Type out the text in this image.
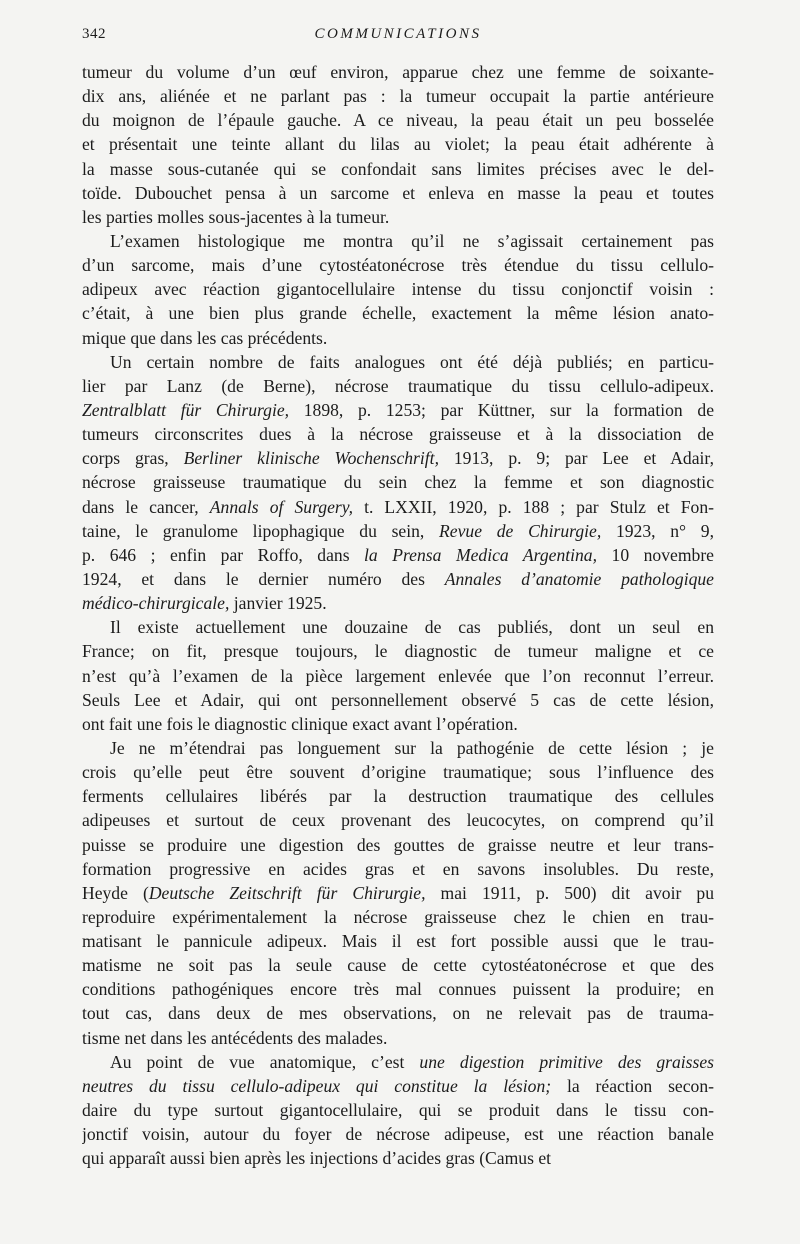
342	COMMUNICATIONS
tumeur du volume d’un œuf environ, apparue chez une femme de soixante-
dix ans, aliénée et ne parlant pas : la tumeur occupait la partie antérieure
du moignon de l’épaule gauche. A ce niveau, la peau était un peu bosselée
et présentait une teinte allant du lilas au violet; la peau était adhérente à
la masse sous-cutanée qui se confondait sans limites précises avec le del-
toïde. Dubouchet pensa à un sarcome et enleva en masse la peau et toutes
les parties molles sous-jacentes à la tumeur.
L’examen histologique me montra qu’il ne s’agissait certainement pas
d’un sarcome, mais d’une cytostéatonécrose très étendue du tissu cellulo-
adipeux avec réaction gigantocellulaire intense du tissu conjonctif voisin :
c’était, à une bien plus grande échelle, exactement la même lésion anato-
mique que dans les cas précédents.
Un certain nombre de faits analogues ont été déjà publiés; en particu-
lier par Lanz (de Berne), nécrose traumatique du tissu cellulo-adipeux.
Zentralblatt für Chirurgie, 1898, p. 1253; par Küttner, sur la formation de
tumeurs circonscrites dues à la nécrose graisseuse et à la dissociation de
corps gras, Berliner klinische Wochenschrift, 1913, p. 9; par Lee et Adair,
nécrose graisseuse traumatique du sein chez la femme et son diagnostic
dans le cancer, Annals of Surgery, t. LXXII, 1920, p. 188 ; par Stulz et Fon-
taine, le granulome lipophagique du sein, Revue de Chirurgie, 1923, n° 9,
p. 646 ; enfin par Roffo, dans la Prensa Medica Argentina, 10 novembre
1924, et dans le dernier numéro des Annales d’anatomie pathologique
médico-chirurgicale, janvier 1925.
Il existe actuellement une douzaine de cas publiés, dont un seul en
France; on fit, presque toujours, le diagnostic de tumeur maligne et ce
n’est qu’à l’examen de la pièce largement enlevée que l’on reconnut l’erreur.
Seuls Lee et Adair, qui ont personnellement observé 5 cas de cette lésion,
ont fait une fois le diagnostic clinique exact avant l’opération.
Je ne m’étendrai pas longuement sur la pathogénie de cette lésion ; je
crois qu’elle peut être souvent d’origine traumatique; sous l’influence des
ferments cellulaires libérés par la destruction traumatique des cellules
adipeuses et surtout de ceux provenant des leucocytes, on comprend qu’il
puisse se produire une digestion des gouttes de graisse neutre et leur trans-
formation progressive en acides gras et en savons insolubles. Du reste,
Heyde (Deutsche Zeitschrift für Chirurgie, mai 1911, p. 500) dit avoir pu
reproduire expérimentalement la nécrose graisseuse chez le chien en trau-
matisant le pannicule adipeux. Mais il est fort possible aussi que le trau-
matisme ne soit pas la seule cause de cette cytostéatonécrose et que des
conditions pathogéniques encore très mal connues puissent la produire; en
tout cas, dans deux de mes observations, on ne relevait pas de trauma-
tisme net dans les antécédents des malades.
Au point de vue anatomique, c’est une digestion primitive des graisses
neutres du tissu cellulo-adipeux qui constitue la lésion; la réaction secon-
daire du type surtout gigantocellulaire, qui se produit dans le tissu con-
jonctif voisin, autour du foyer de nécrose adipeuse, est une réaction banale
qui apparaît aussi bien après les injections d’acides gras (Camus et
